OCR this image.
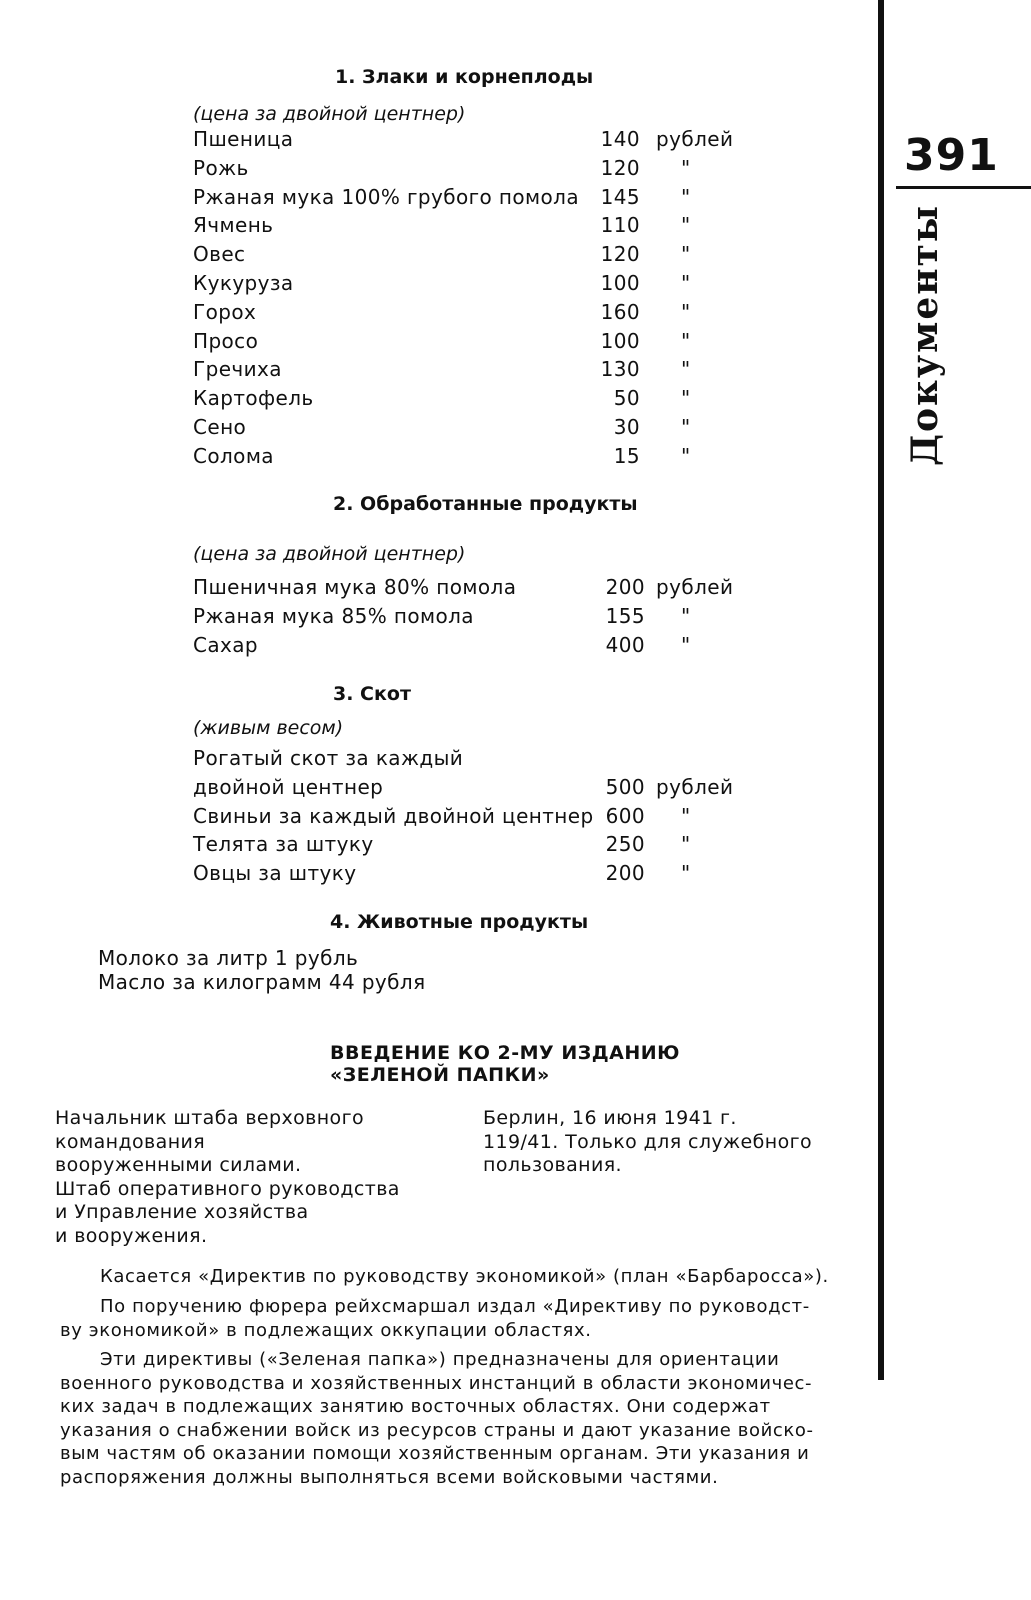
391
Документы
1. Злаки и корнеплоды
(цена за двойной центнер)
Пшеница	140 рублей
Рожь	120 "
Ржаная мука 100% грубого помола	145 "
Ячмень	110 "
Овес	120 "
Кукуруза	100 "
Горох	160 "
Просо	100 "
Гречиха	130 "
Картофель	50 "
Сено	30 "
Солома	15 "
2. Обработанные продукты
(цена за двойной центнер)
Пшеничная мука 80% помола	200 рублей
Ржаная мука 85% помола	155 "
Сахар	400 "
3. Скот
(живым весом)
Рогатый скот за каждый
двойной центнер	500 рублей
Свиньи за каждый двойной центнер 600 "
Телята за штуку	250 "
Овцы за штуку	200 "
4. Животные продукты
Молоко за литр 1 рубль
Масло за килограмм 44 рубля
ВВЕДЕНИЕ КО 2-МУ ИЗДАНИЮ
«ЗЕЛЕНОЙ ПАПКИ»
Начальник штаба верховного
командования
вооруженными силами.
Штаб оперативного руководства
и Управление хозяйства
и вооружения.
Берлин, 16 июня 1941 г.
119/41. Только для служебного
пользования.
Касается «Директив по руководству экономикой» (план «Барбаросса»).
По поручению фюрера рейхсмаршал издал «Директиву по руководст-
ву экономикой» в подлежащих оккупации областях.
Эти директивы («Зеленая папка») предназначены для ориентации
военного руководства и хозяйственных инстанций в области экономичес-
ких задач в подлежащих занятию восточных областях. Они содержат
указания о снабжении войск из ресурсов страны и дают указание войско-
вым частям об оказании помощи хозяйственным органам. Эти указания и
распоряжения должны выполняться всеми войсковыми частями.
